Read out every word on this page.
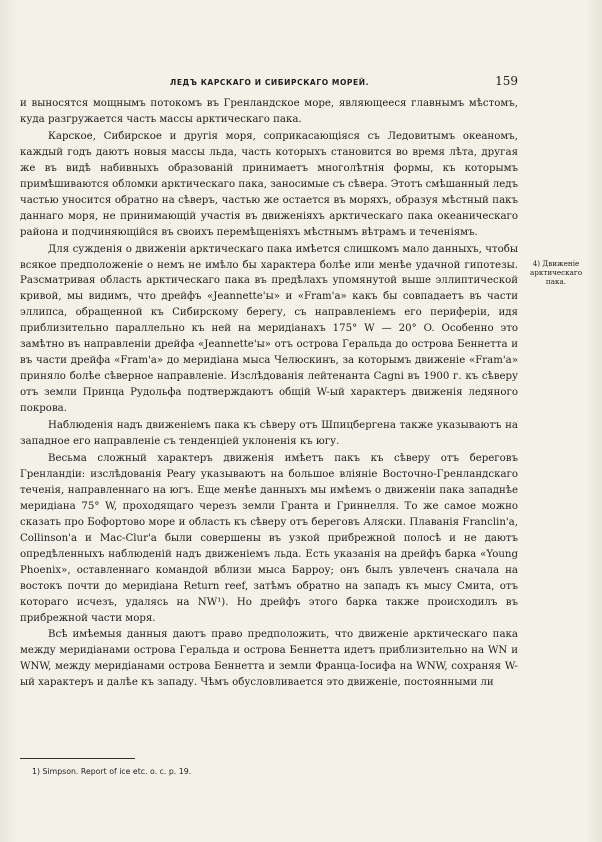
ЛЕДЪ КАРСКАГО И СИБИРСКАГО МОРЕЙ.	159

и выносятся мощнымъ потокомъ въ Гренландское море, являющееся главнымъ мѣстомъ, куда разгружается часть массы арктическаго пака.

Карское, Сибирское и другія моря, соприкасающіяся съ Ледовитымъ океаномъ, каждый годъ даютъ новыя массы льда, часть которыхъ становится во время лѣта, другая же въ видѣ набивныхъ образованій принимаетъ многолѣтнія формы, къ которымъ примѣшиваются обломки арктическаго пака, заносимые съ сѣвера. Этотъ смѣшанный ледъ частью уносится обратно на сѣверъ, частью же остается въ моряхъ, образуя мѣстный пакъ даннаго моря, не принимающій участія въ движеніяхъ арктическаго пака океаническаго района и подчиняющійся въ своихъ перемѣщеніяхъ мѣстнымъ вѣтрамъ и теченіямъ.

Для сужденія о движеніи арктическаго пака имѣется слишкомъ мало данныхъ, чтобы всякое предположеніе о немъ не имѣло бы характера болѣе или менѣе удачной гипотезы. Разсматривая область арктическаго пака въ предѣлахъ упомянутой выше эллиптической кривой, мы видимъ, что дрейфъ «Jeannette'ы» и «Fram'а» какъ бы совпадаетъ въ части эллипса, обращенной къ Сибирскому берегу, съ направленіемъ его периферіи, идя приблизительно параллельно къ ней на меридіанахъ 175° W — 20° O. Особенно это замѣтно въ направленіи дрейфа «Jeannette'ы» отъ острова Геральда до острова Беннетта и въ части дрейфа «Fram'а» до меридіана мыса Челюскинъ, за которымъ движеніе «Fram'а» приняло болѣе сѣверное направленіе. Изслѣдованія лейтенанта Cagni въ 1900 г. къ сѣверу отъ земли Принца Рудольфа подтверждаютъ общій W-ый характеръ движенія ледяного покрова.

Наблюденія надъ движеніемъ пака къ сѣверу отъ Шпицбергена также указываютъ на западное его направленіе съ тенденціей уклоненія къ югу.

Весьма сложный характеръ движенія имѣетъ пакъ къ сѣверу отъ береговъ Гренландіи: изслѣдованія Peary указываютъ на большое вліяніе Восточно-Гренландскаго теченія, направленнаго на югъ. Еще менѣе данныхъ мы имѣемъ о движеніи пака западнѣе меридіана 75° W, проходящаго черезъ земли Гранта и Гриннелля. То же самое можно сказать про Бофортово море и область къ сѣверу отъ береговъ Аляски. Плаванія Franclin'а, Collinson'а и Mac-Clur'а были совершены въ узкой прибрежной полосѣ и не даютъ опредѣленныхъ наблюденій надъ движеніемъ льда. Есть указанія на дрейфъ барка «Young Phoenix», оставленнаго командой вблизи мыса Барроу; онъ былъ увлеченъ сначала на востокъ почти до меридіана Return reef, затѣмъ обратно на западъ къ мысу Смита, отъ котораго исчезъ, удалясь на NW¹). Но дрейфъ этого барка также происходилъ въ прибрежной части моря.

Всѣ имѣемыя данныя даютъ право предположить, что движеніе арктическаго пака между меридіанами острова Геральда и острова Беннетта идетъ приблизительно на WN и WNW, между меридіанами острова Беннетта и земли Франца-Іосифа на WNW, сохраняя W-ый характеръ и далѣе къ западу. Чѣмъ обусловливается это движеніе, постоянными ли

4) Движеніе арктическаго пака.
1) Simpson. Report of ice etc. o. c. p. 19.
